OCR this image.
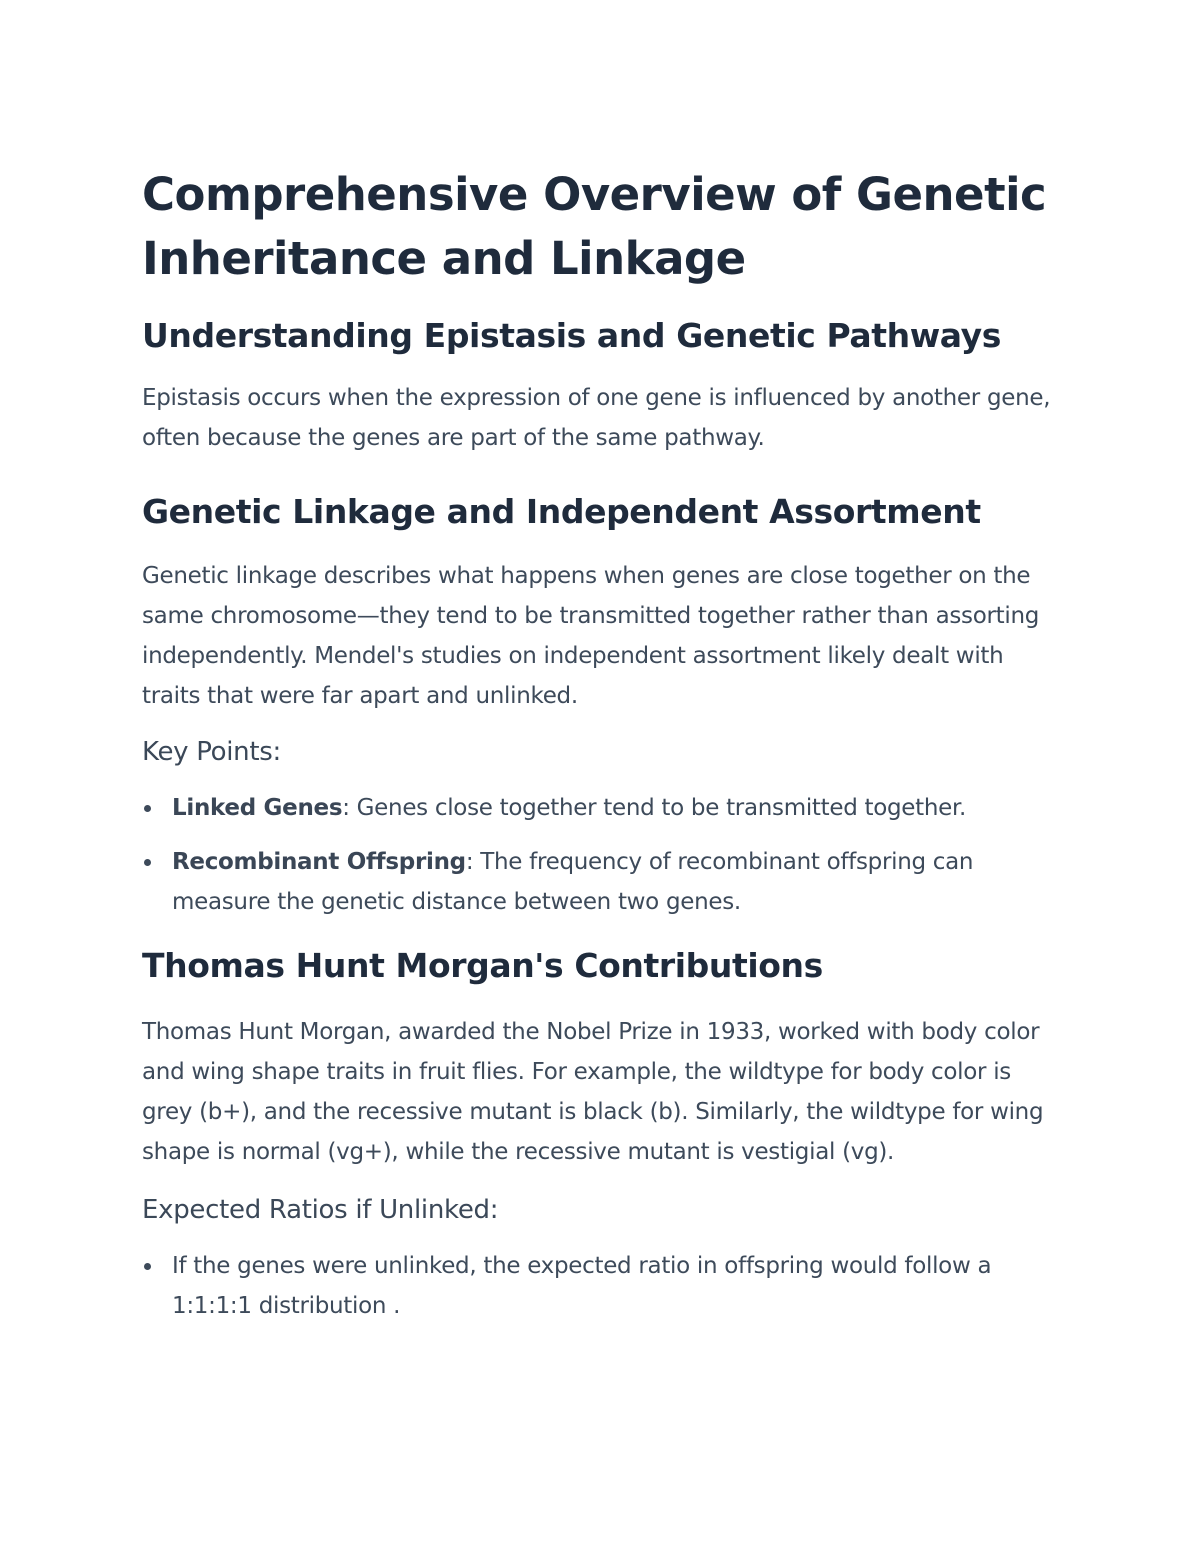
Comprehensive Overview of Genetic Inheritance and Linkage
Understanding Epistasis and Genetic Pathways

Epistasis occurs when the expression of one gene is influenced by another gene, often because the genes are part of the same pathway.

Genetic Linkage and Independent Assortment

Genetic linkage describes what happens when genes are close together on the same chromosome—they tend to be transmitted together rather than assorting independently. Mendel's studies on independent assortment likely dealt with traits that were far apart and unlinked.

Key Points:
Linked Genes: Genes close together tend to be transmitted together.
Recombinant Offspring: The frequency of recombinant offspring can measure the genetic distance between two genes.
Thomas Hunt Morgan's Contributions

Thomas Hunt Morgan, awarded the Nobel Prize in 1933, worked with body color and wing shape traits in fruit flies. For example, the wildtype for body color is grey (b+), and the recessive mutant is black (b). Similarly, the wildtype for wing shape is normal (vg+), while the recessive mutant is vestigial (vg).

Expected Ratios if Unlinked:
If the genes were unlinked, the expected ratio in offspring would follow a 1:1:1:1 distribution .
